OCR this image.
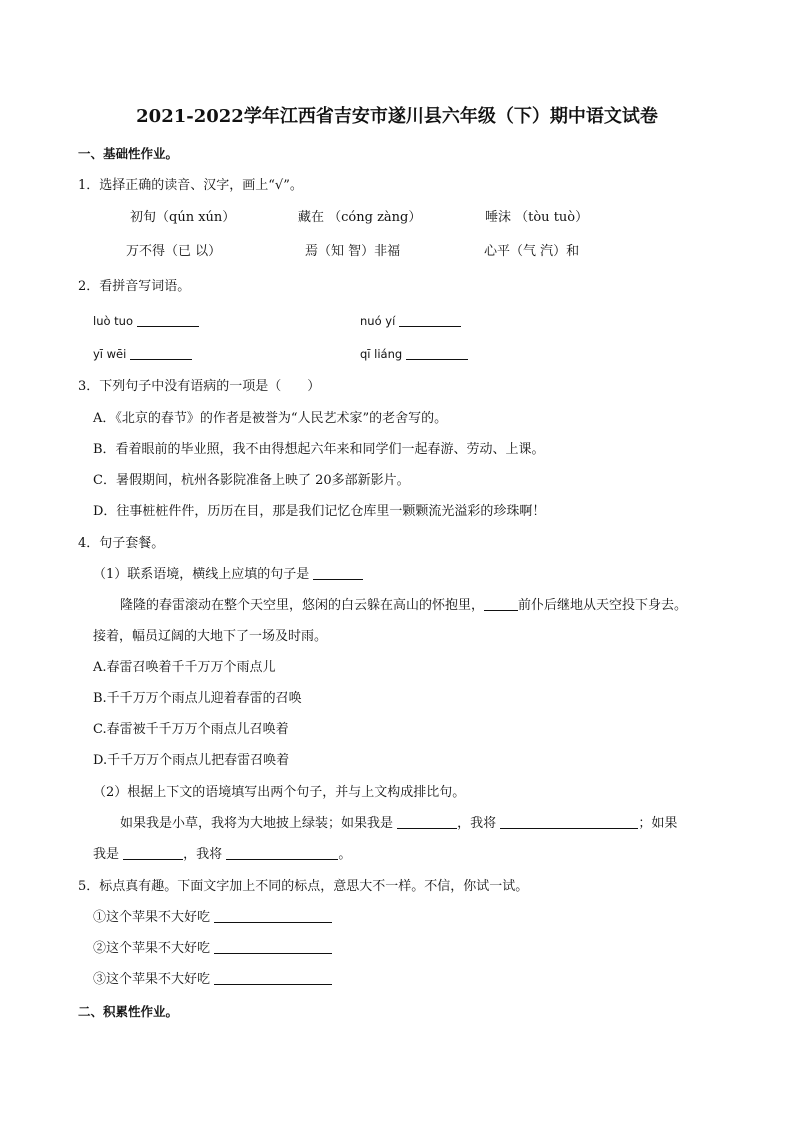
2021-2022学年江西省吉安市遂川县六年级（下）期中语文试卷
一、基础性作业。
1．选择正确的读音、汉字，画上“√”。
初旬（qún xún）	藏在 （cóng zàng）	唾沫 （tòu tuò）
万不得（已 以）	焉（知 智）非福	心平（气 汽）和
2．看拼音写词语。
luò tuo	nuó yí
yī wēi	qī liáng
3．下列句子中没有语病的一项是（　　）
A．《北京的春节》的作者是被誉为“人民艺术家”的老舍写的。
B．看着眼前的毕业照，我不由得想起六年来和同学们一起春游、劳动、上课。
C．暑假期间，杭州各影院准备上映了 20多部新影片。
D．往事桩桩件件，历历在目，那是我们记忆仓库里一颗颗流光溢彩的珍珠啊！
4．句子套餐。
（1）联系语境，横线上应填的句子是
隆隆的春雷滚动在整个天空里，悠闲的白云躲在高山的怀抱里，	前仆后继地从天空投下身去。
接着，幅员辽阔的大地下了一场及时雨。
A.春雷召唤着千千万万个雨点儿
B.千千万万个雨点儿迎着春雷的召唤
C.春雷被千千万万个雨点儿召唤着
D.千千万万个雨点儿把春雷召唤着
（2）根据上下文的语境填写出两个句子，并与上文构成排比句。
如果我是小草，我将为大地披上绿装；如果我是	，我将	；如果
我是	，我将	。
5．标点真有趣。下面文字加上不同的标点，意思大不一样。不信，你试一试。
①这个苹果不大好吃
②这个苹果不大好吃
③这个苹果不大好吃
二、积累性作业。
